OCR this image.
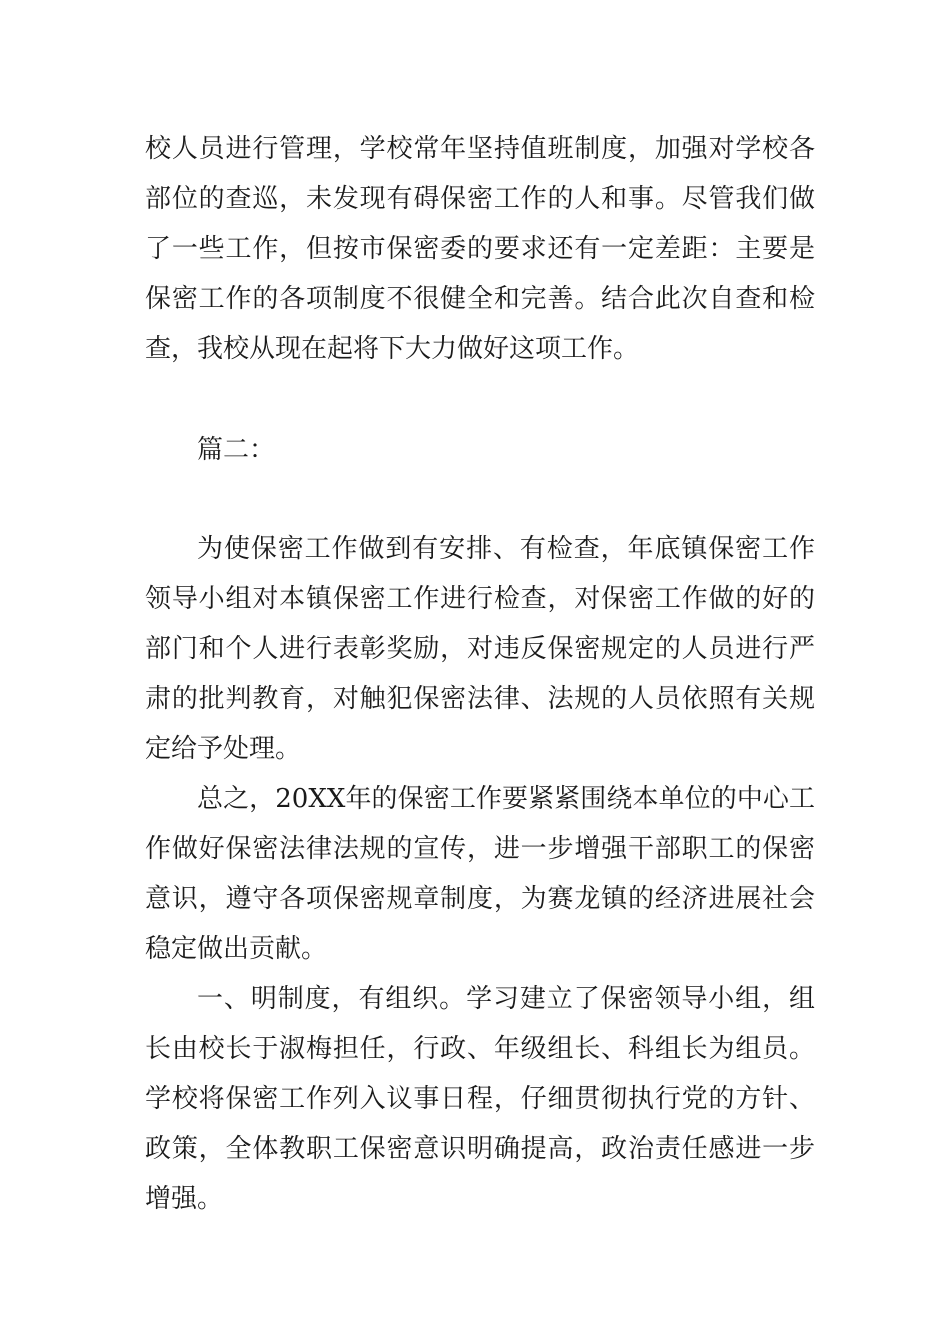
校人员进行管理，学校常年坚持值班制度，加强对学校各部位的查巡，未发现有碍保密工作的人和事。尽管我们做了一些工作，但按市保密委的要求还有一定差距：主要是保密工作的各项制度不很健全和完善。结合此次自查和检查，我校从现在起将下大力做好这项工作。

篇二：

为使保密工作做到有安排、有检查，年底镇保密工作领导小组对本镇保密工作进行检查，对保密工作做的好的部门和个人进行表彰奖励，对违反保密规定的人员进行严肃的批判教育，对触犯保密法律、法规的人员依照有关规定给予处理。

总之，20XX年的保密工作要紧紧围绕本单位的中心工作做好保密法律法规的宣传，进一步增强干部职工的保密意识，遵守各项保密规章制度，为赛龙镇的经济进展社会稳定做出贡献。

一、明制度，有组织。学习建立了保密领导小组，组长由校长于淑梅担任，行政、年级组长、科组长为组员。学校将保密工作列入议事日程，仔细贯彻执行党的方针、政策，全体教职工保密意识明确提高，政治责任感进一步增强。
